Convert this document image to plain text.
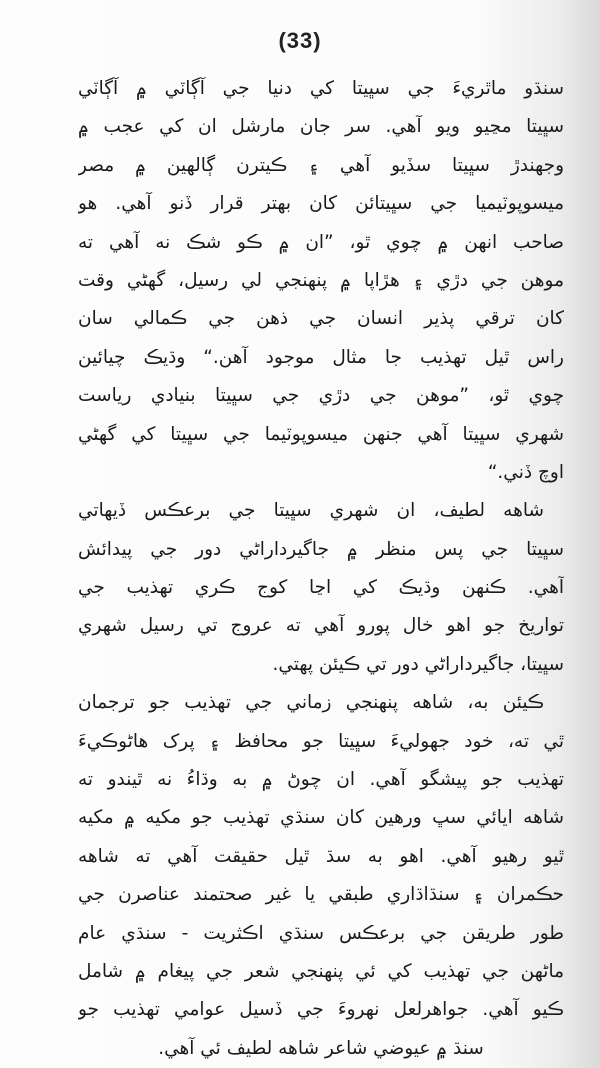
(33)
سنڌو ماٿريءَ جي سڀيتا کي دنيا جي آڳاٽي ۾ آڳاٽي
سڀيتا مڃيو ويو آهي. سر جان مارشل ان کي عجب ۾
وجهندڙ سڀيتا سڏيو آهي ۽ ڪيترن ڳالهين ۾ مصر
ميسوپوٽيميا جي سڀيتائن کان بهتر قرار ڏنو آهي. هو
صاحب انهن ۾ چوي ٿو، ”ان ۾ ڪو شڪ نه آهي ته
موهن جي دڙي ۽ هڙاپا ۾ پنهنجي لي رسيل، گهڻي وقت
کان ترقي پذير انسان جي ذهن جي ڪمالي سان
راس ٿيل تهذيب جا مثال موجود آهن.“ وڌيڪ چيائين
چوي ٿو، ”موهن جي دڙي جي سڀيتا بنيادي رياست
شهري سڀيتا آهي جنهن ميسوپوٽيما جي سڀيتا کي گهڻي
اوچ ڏني.“
شاهه لطيف، ان شهري سڀيتا جي برعڪس ڏيهاتي
سڀيتا جي پس منظر ۾ جاگيرداراڻي دور جي پيدائش
آهي. ڪنهن وڌيڪ کي اڃا کوج ڪري تهذيب جي
تواريخ جو اهو خال پورو آهي ته عروج تي رسيل شهري
سڀيتا، جاگيرداراڻي دور تي ڪيئن پهتي.
ڪيئن به، شاهه پنهنجي زماني جي تهذيب جو ترجمان
ٿي ته، خود جهوليءَ سڀيتا جو محافظ ۽ پرک هاڻوڪيءَ
تهذيب جو پيشگو آهي. ان چوڻ ۾ به وڌاءُ نه ٿيندو ته
شاهه ايائي سڀ ورهين کان سنڌي تهذيب جو مکيه ۾ مکيه
ٿيو رهيو آهي. اهو به سڌ ٿيل حقيقت آهي ته شاهه
حڪمران ۽ سنڌاڌاري طبقي يا غير صحتمند عناصرن جي
طور طريقن جي برعڪس سنڌي اڪثريت - سنڌي عام
ماڻهن جي تهذيب کي ئي پنهنجي شعر جي پيغام ۾ شامل
ڪيو آهي. جواهرلعل نهروءَ جي ڏسيل عوامي تهذيب جو
سنڌ ۾ عيوضي شاعر شاهه لطيف ئي آهي.
